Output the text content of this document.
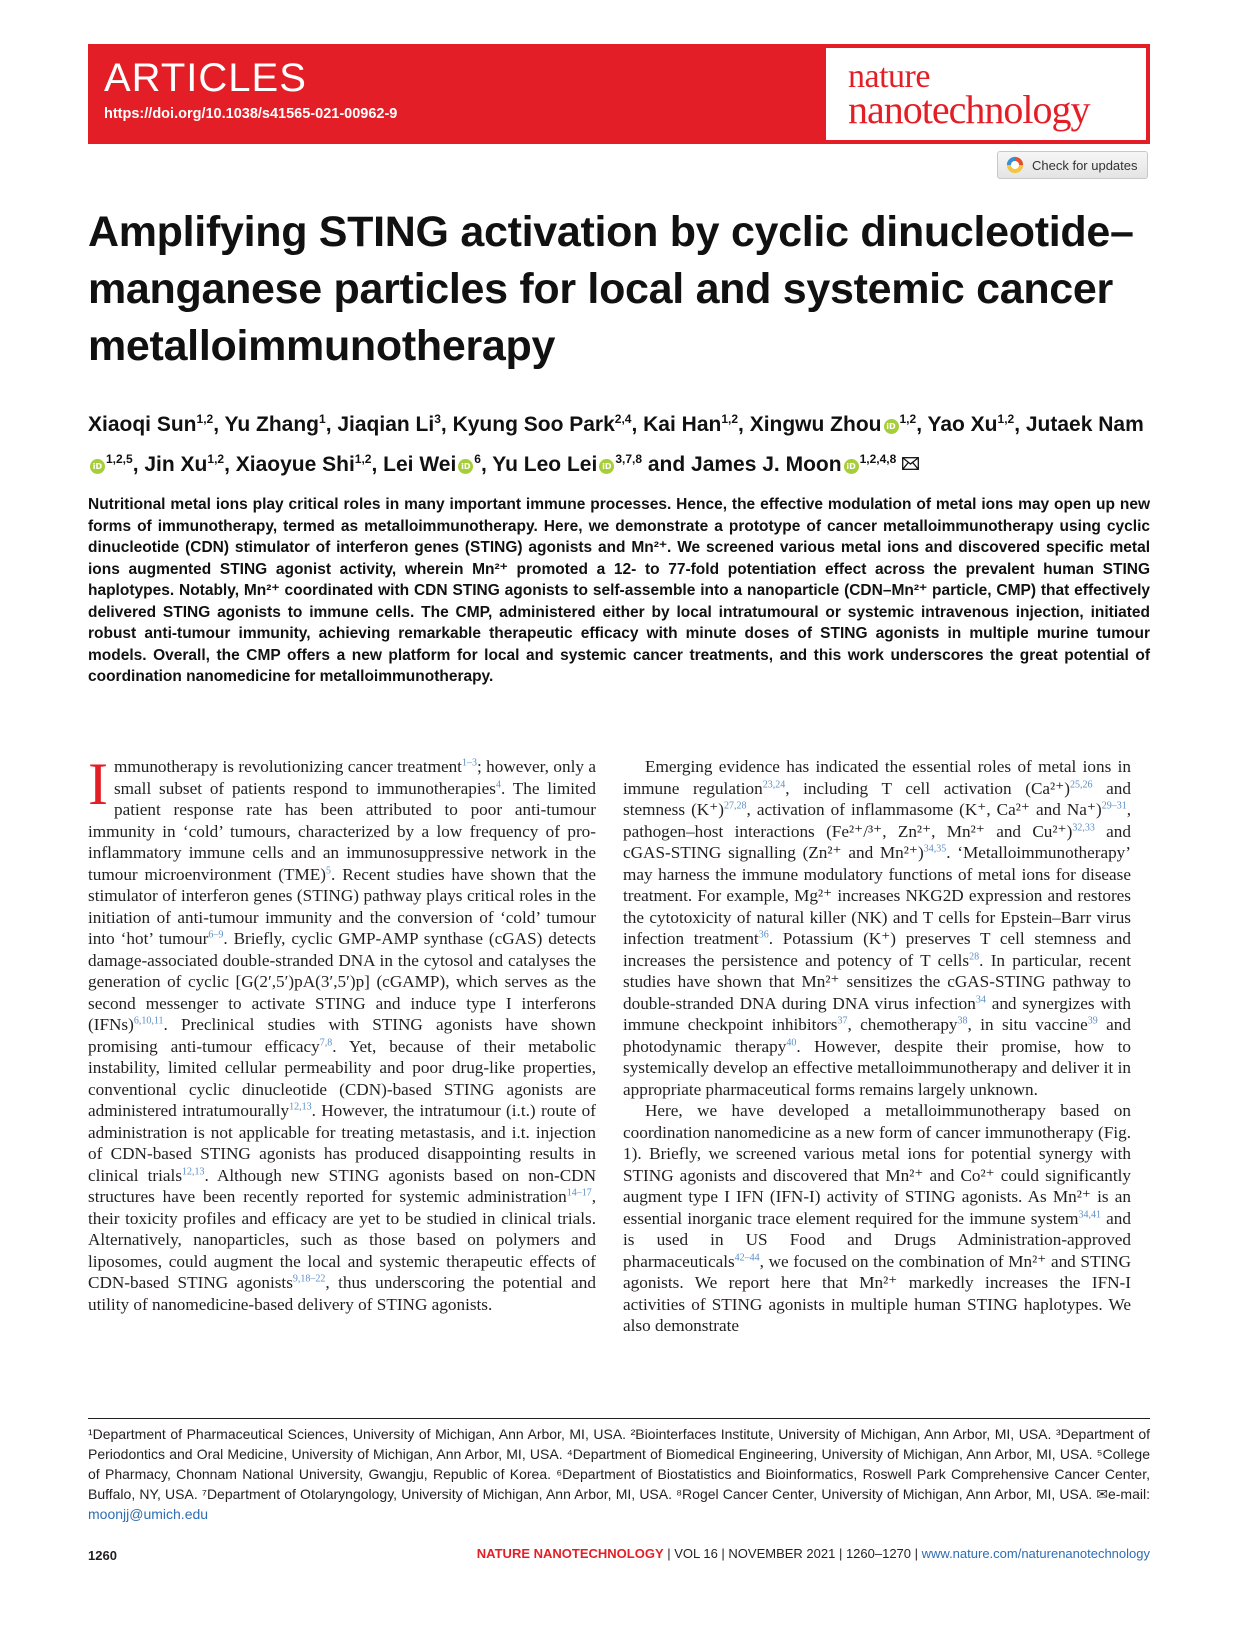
ARTICLES
https://doi.org/10.1038/s41565-021-00962-9
nature
nanotechnology
Check for updates
Amplifying STING activation by cyclic dinucleotide–manganese particles for local and systemic cancer metalloimmunotherapy
Xiaoqi Sun$^{1,2}$, Yu Zhang$^1$, Jiaqian Li$^3$, Kyung Soo Park$^{2,4}$, Kai Han$^{1,2}$, Xingwu Zhou iD$^{1,2}$, Yao Xu$^{1,2}$, Jutaek NamiD$^{1,2,5}$, Jin Xu$^{1,2}$, Xiaoyue Shi$^{1,2}$, Lei Wei $iD^6$, Yu Leo Lei iD$^{3,7,8}$ and James J. Moon iD$^{1,2,4,8}$

Nutritional metal ions play critical roles in many important immune processes. Hence, the effective modulation of metal ions may open up new forms of immunotherapy, termed as metalloimmunotherapy. Here, we demonstrate a prototype of cancer metalloimmunotherapy using cyclic dinucleotide (CDN) stimulator of interferon genes (STING) agonists and Mn²⁺. We screened various metal ions and discovered specific metal ions augmented STING agonist activity, wherein Mn²⁺ promoted a 12- to 77-fold potentiation effect across the prevalent human STING haplotypes. Notably, Mn²⁺ coordinated with CDN STING agonists to self-assemble into a nanoparticle (CDN–Mn²⁺ particle, CMP) that effectively delivered STING agonists to immune cells. The CMP, administered either by local intratumoural or systemic intravenous injection, initiated robust anti-tumour immunity, achieving remarkable therapeutic efficacy with minute doses of STING agonists in multiple murine tumour models. Overall, the CMP offers a new platform for local and systemic cancer treatments, and this work underscores the great potential of coordination nanomedicine for metalloimmunotherapy.

Immunotherapy is revolutionizing cancer treatment$^{1-3}$; however, only a small subset of patients respond to immunotherapies$^4$. The limited patient response rate has been attributed to poor anti-tumour immunity in ‘cold’ tumours, characterized by a low frequency of pro-inflammatory immune cells and an immunosuppressive network in the tumour microenvironment (TME)$^5$. Recent studies have shown that the stimulator of interferon genes (STING) pathway plays critical roles in the initiation of anti-tumour immunity and the conversion of ‘cold’ tumour into ‘hot’ tumour$^{6-9}$. Briefly, cyclic GMP-AMP synthase (cGAS) detects damage-associated double-stranded DNA in the cytosol and catalyses the generation of cyclic [G(2′,5′)pA(3′,5′)p] (cGAMP), which serves as the second messenger to activate STING and induce type I interferons (IFNs)$^{6,10,11}$. Preclinical studies with STING agonists have shown promising anti-tumour efficacy$^{7,8}$. Yet, because of their metabolic instability, limited cellular permeability and poor drug-like properties, conventional cyclic dinucleotide (CDN)-based STING agonists are administered intratumourally$^{12,13}$. However, the intratumour (i.t.) route of administration is not applicable for treating metastasis, and i.t. injection of CDN-based STING agonists has produced disappointing results in clinical trials$^{12,13}$. Although new STING agonists based on non-CDN structures have been recently reported for systemic administration$^{14-17}$, their toxicity profiles and efficacy are yet to be studied in clinical trials. Alternatively, nanoparticles, such as those based on polymers and liposomes, could augment the local and systemic therapeutic effects of CDN-based STING agonists$^{9,18-22}$, thus underscoring the potential and utility of nanomedicine-based delivery of STING agonists.

Emerging evidence has indicated the essential roles of metal ions in immune regulation$^{23,24}$, including T cell activation $(Ca^{2+})^{25,26}$ and stemness $(K^+)^{27,28}$, activation of inflammasome (K⁺, Ca²⁺ and Na⁺)$^{29-31}$, pathogen–host interactions (Fe²⁺/³⁺, Zn²⁺, Mn²⁺ and Cu²⁺)$^{32,33}$ and cGAS-STING signalling (Zn²⁺ and Mn²⁺)$^{34,35}$. ‘Metalloimmunotherapy’ may harness the immune modulatory functions of metal ions for disease treatment. For example, Mg²⁺ increases NKG2D expression and restores the cytotoxicity of natural killer (NK) and T cells for Epstein–Barr virus infection treatment$^{36}$. Potassium (K⁺) preserves T cell stemness and increases the persistence and potency of T cells$^{28}$. In particular, recent studies have shown that Mn²⁺ sensitizes the cGAS-STING pathway to double-stranded DNA during DNA virus infection$^{34}$ and synergizes with immune checkpoint inhibitors$^{37}$, chemotherapy$^{38}$, in situ vaccine$^{39}$ and photodynamic therapy$^{40}$. However, despite their promise, how to systemically develop an effective metalloimmunotherapy and deliver it in appropriate pharmaceutical forms remains largely unknown.

Here, we have developed a metalloimmunotherapy based on coordination nanomedicine as a new form of cancer immunotherapy (Fig. 1). Briefly, we screened various metal ions for potential synergy with STING agonists and discovered that Mn²⁺ and Co²⁺ could significantly augment type I IFN (IFN-I) activity of STING agonists. As Mn²⁺ is an essential inorganic trace element required for the immune system$^{34,41}$ and is used in US Food and Drugs Administration-approved pharmaceuticals$^{42-44}$, we focused on the combination of Mn²⁺ and STING agonists. We report here that Mn²⁺ markedly increases the IFN-I activities of STING agonists in multiple human STING haplotypes. We also demonstrate

¹Department of Pharmaceutical Sciences, University of Michigan, Ann Arbor, MI, USA. ²Biointerfaces Institute, University of Michigan, Ann Arbor, MI, USA. ³Department of Periodontics and Oral Medicine, University of Michigan, Ann Arbor, MI, USA. ⁴Department of Biomedical Engineering, University of Michigan, Ann Arbor, MI, USA. ⁵College of Pharmacy, Chonnam National University, Gwangju, Republic of Korea. ⁶Department of Biostatistics and Bioinformatics, Roswell Park Comprehensive Cancer Center, Buffalo, NY, USA. ⁷Department of Otolaryngology, University of Michigan, Ann Arbor, MI, USA. ⁸Rogel Cancer Center, University of Michigan, Ann Arbor, MI, USA. ✉e-mail: moonjj@umich.edu

1260	NATURE NANOTECHNOLOGY | VOL 16 | NOVEMBER 2021 | 1260–1270 | www.nature.com/naturenanotechnology
